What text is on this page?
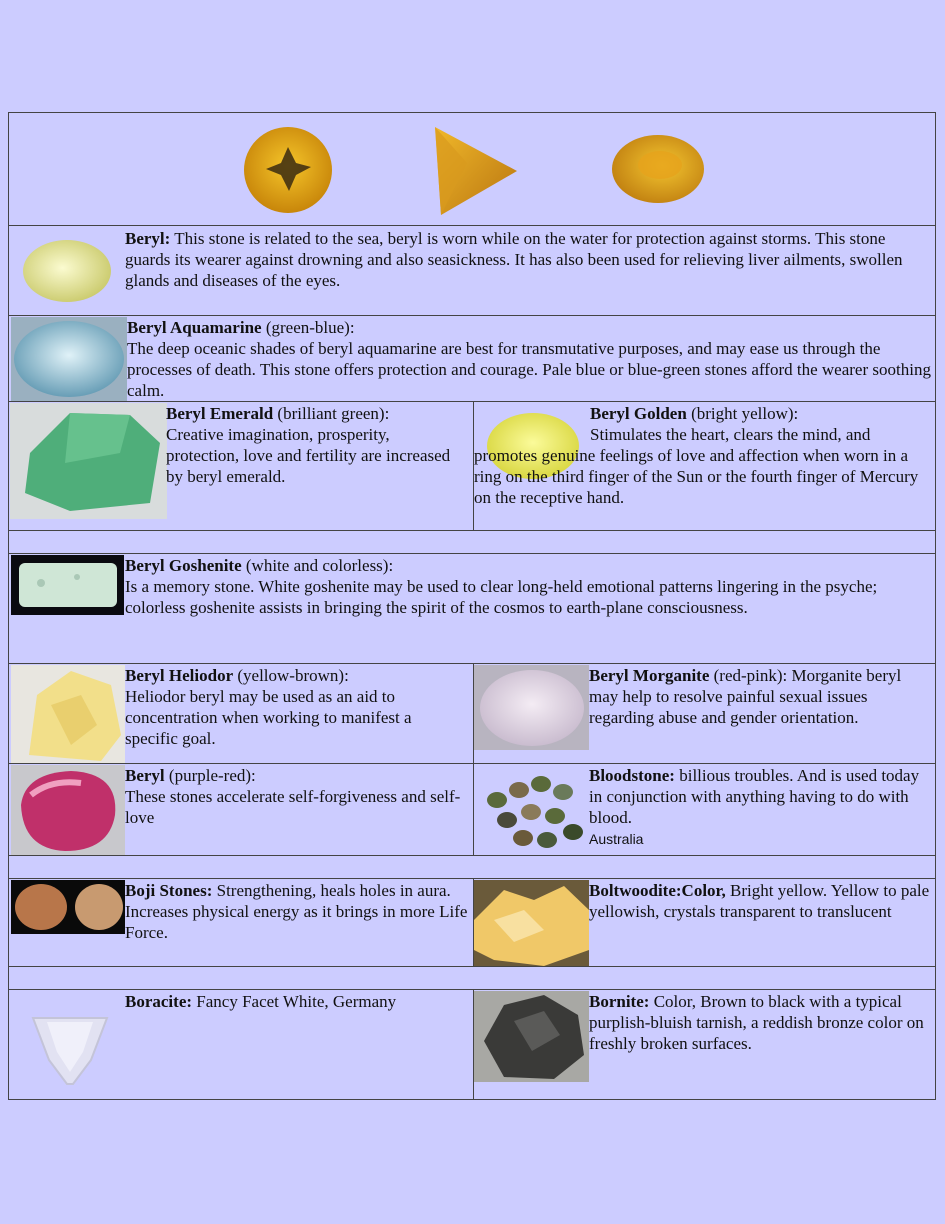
Beryl: This stone is related to the sea, beryl is worn while on the water for protection against storms. This stone guards its wearer against drowning and also seasickness. It has also been used for relieving liver ailments, swollen glands and diseases of the eyes.
Beryl Aquamarine (green-blue):
The deep oceanic shades of beryl aquamarine are best for transmutative purposes, and may ease us through the processes of death. This stone offers protection and courage. Pale blue or blue-green stones afford the wearer soothing calm.
Beryl Emerald (brilliant green):
Creative imagination, prosperity, protection, love and fertility are increased by beryl emerald.
Beryl Golden (bright yellow):
Stimulates the heart, clears the mind, and promotes genuine feelings of love and affection when worn in a ring on the third finger of the Sun or the fourth finger of Mercury on the receptive hand.
Beryl Goshenite (white and colorless):
Is a memory stone. White goshenite may be used to clear long-held emotional patterns lingering in the psyche; colorless goshenite assists in bringing the spirit of the cosmos to earth-plane consciousness.
Beryl Heliodor (yellow-brown):
Heliodor beryl may be used as an aid to concentration when working to manifest a specific goal.
Beryl Morganite (red-pink): Morganite beryl may help to resolve painful sexual issues regarding abuse and gender orientation.
Beryl (purple-red):
These stones accelerate self-forgiveness and self-love
Bloodstone: billious troubles. And is used today in conjunction with anything having to do with blood.
Australia
Boji Stones: Strengthening, heals holes in aura. Increases physical energy as it brings in more Life Force.
Boltwoodite:Color, Bright yellow. Yellow to pale yellowish, crystals transparent to translucent
Boracite: Fancy Facet White, Germany	Bornite: Color, Brown to black with a typical purplish-bluish tarnish, a reddish bronze color on freshly broken surfaces.
